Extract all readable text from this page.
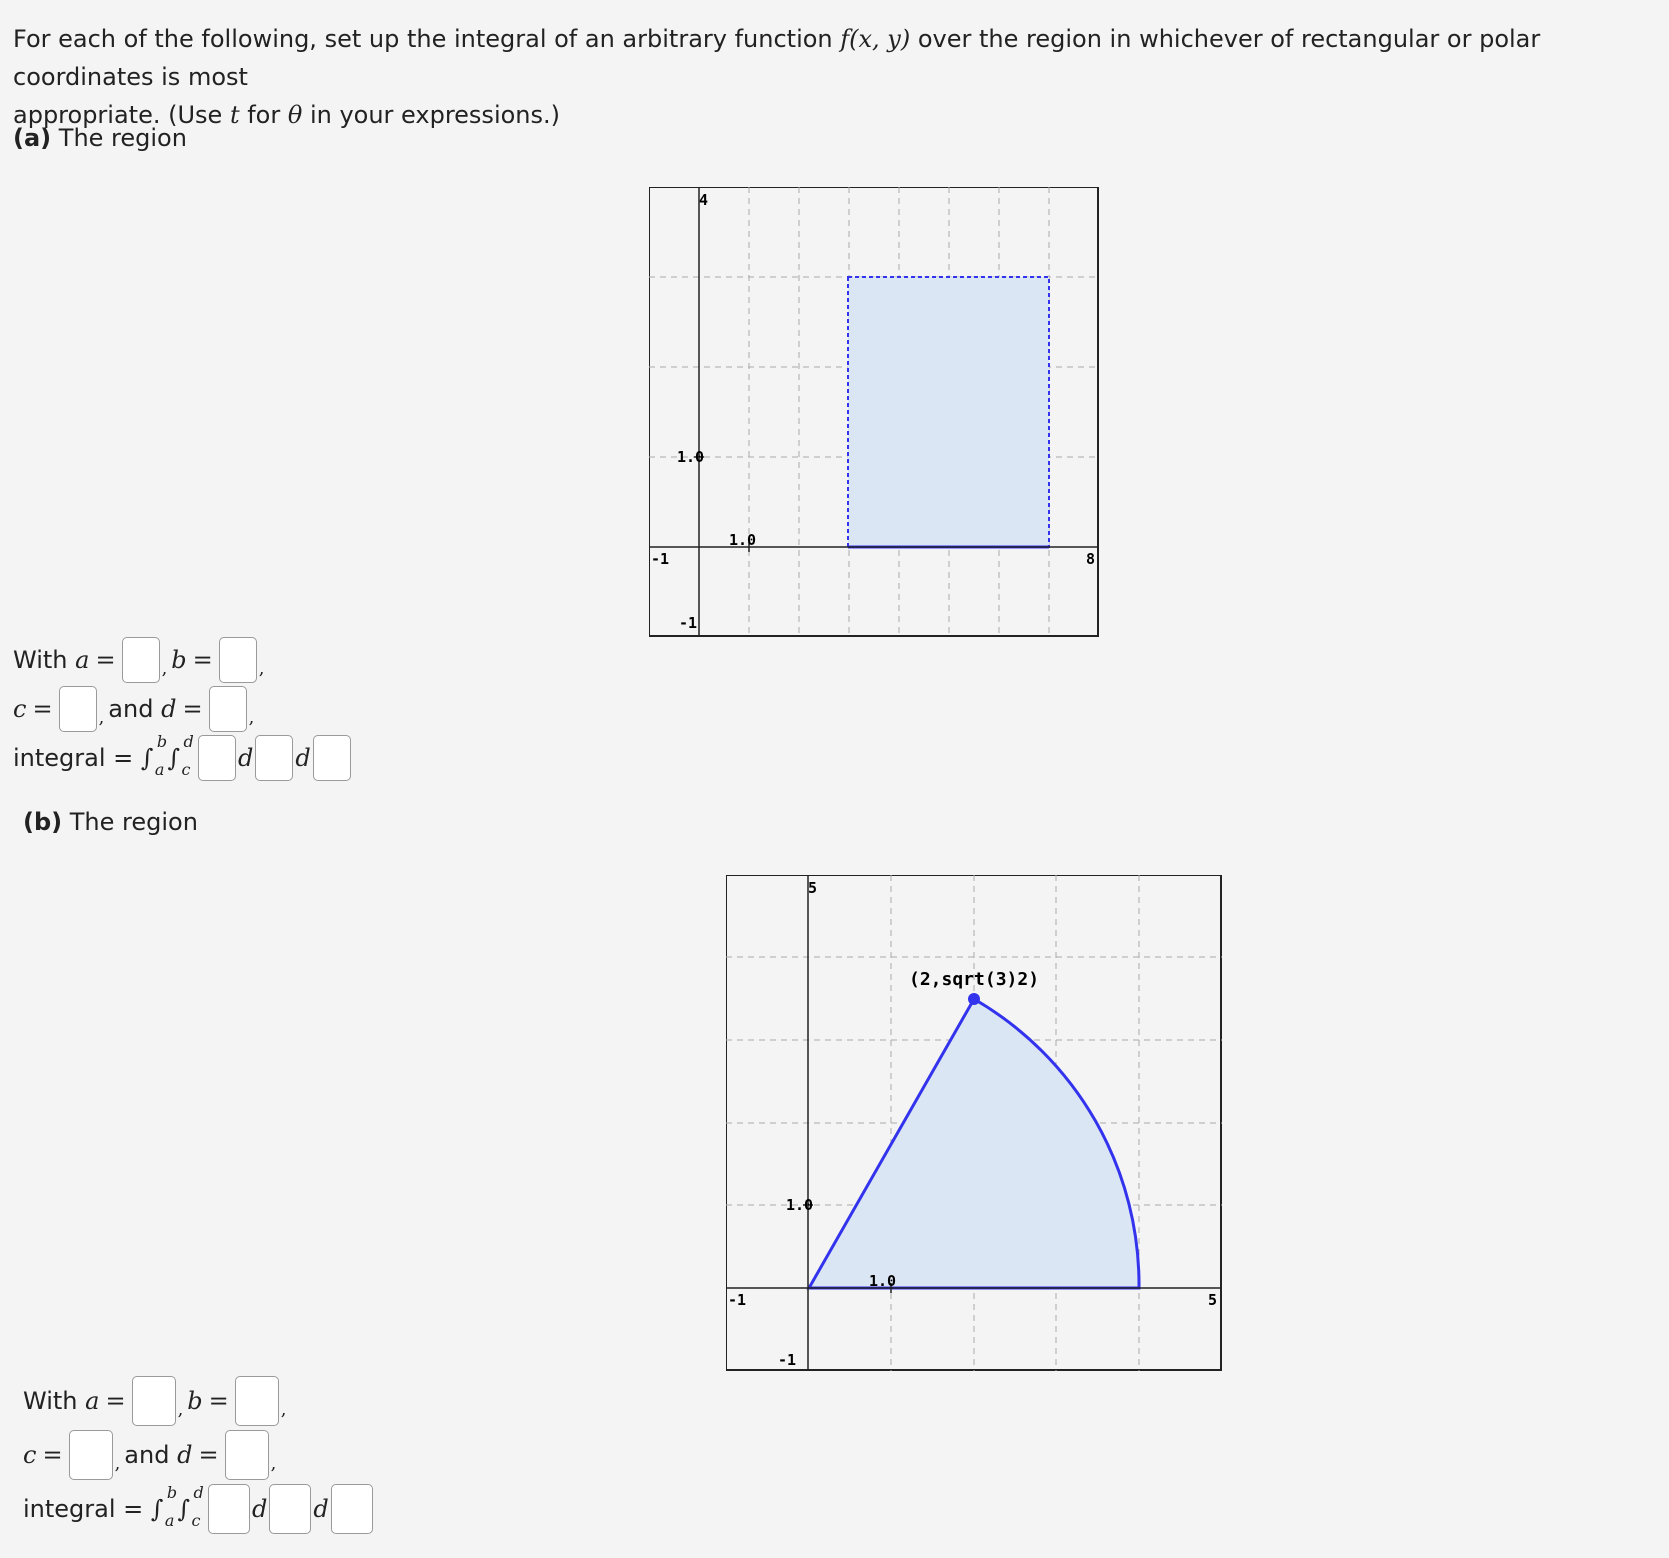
For each of the following, set up the integral of an arbitrary function f(x, y) over the region in whichever of rectangular or polar coordinates is most
appropriate. (Use t for θ in your expressions.)
(a) The region
4
1.0
1.0
-1	8
-1
With
a =	, b =	,
c =	, and
d =	,
integral =
∫
b
a ∫
d
c d d
(b) The region
5
(2,sqrt(3)2)
1.0
1.0
-1	5
-1
With
a =	, b =	,
c =	, and
d =	,
integral =
∫
b
a ∫
d
c d d
